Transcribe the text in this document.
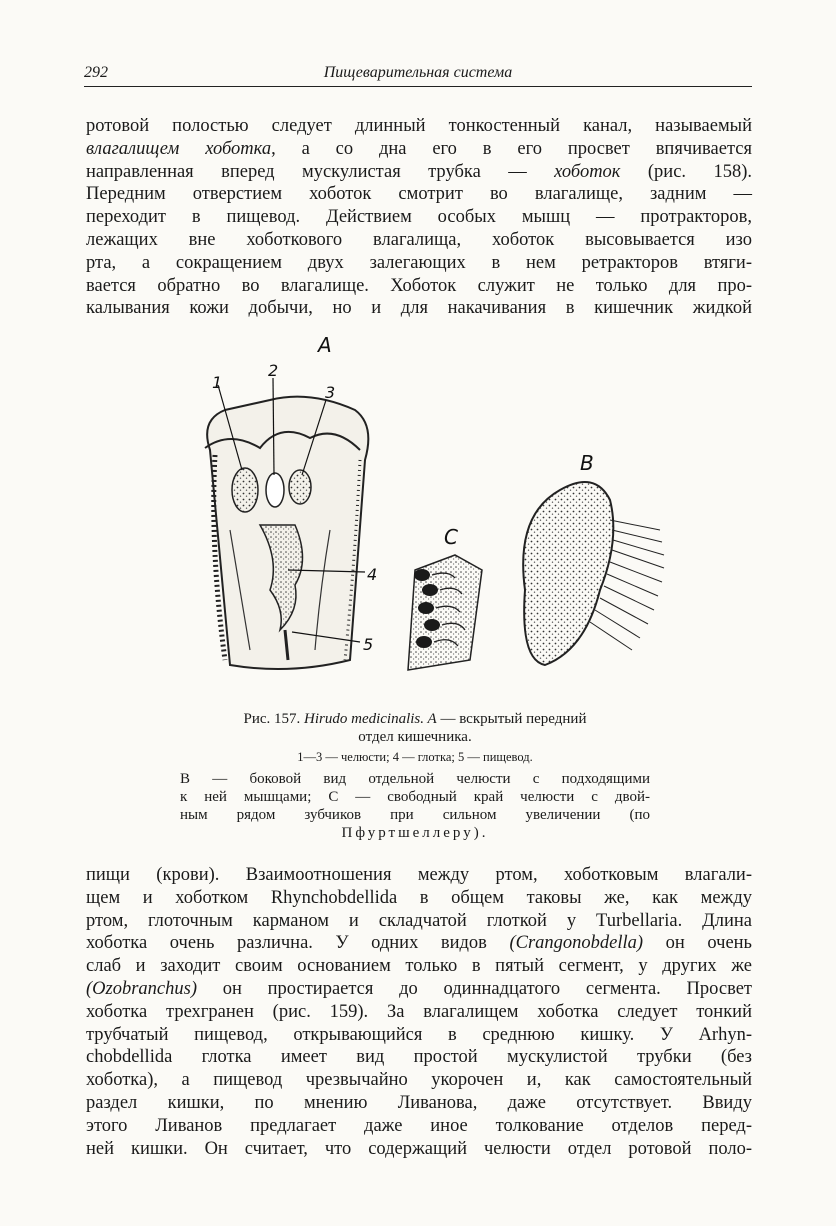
292	Пищеварительная система
ротовой полостью следует длинный тонкостенный канал, называемый
влагалищем хоботка, а со дна его в его просвет впячивается
направленная вперед мускулистая трубка — хоботок (рис. 158).
Передним отверстием хоботок смотрит во влагалище, задним —
переходит в пищевод. Действием особых мышц — протракторов,
лежащих вне хоботкового влагалища, хоботок высовывается изо
рта, а сокращением двух залегающих в нем ретракторов втяги-
вается обратно во влагалище. Хоботок служит не только для про-
калывания кожи добычи, но и для накачивания в кишечник жидкой
A
1
2
3
4
5
C
B

Рис. 157. Hirudo medicinalis. A — вскрытый передний
отдел кишечника.

1—3 — челюсти; 4 — глотка; 5 — пищевод.

B — боковой вид отдельной челюсти с подходящими
к ней мышцами; C — свободный край челюсти с двой-
ным рядом зубчиков при сильном увеличении (по
Пфуртшеллеру).

пищи (крови). Взаимоотношения между ртом, хоботковым влагали-
щем и хоботком Rhynchobdellida в общем таковы же, как между
ртом, глоточным карманом и складчатой глоткой у Turbellaria. Длина
хоботка очень различна. У одних видов (Crangonobdella) он очень
слаб и заходит своим основанием только в пятый сегмент, у других же
(Ozobranchus) он простирается до одиннадцатого сегмента. Просвет
хоботка трехгранен (рис. 159). За влагалищем хоботка следует тонкий
трубчатый пищевод, открывающийся в среднюю кишку. У Arhyn-
chobdellida глотка имеет вид простой мускулистой трубки (без
хоботка), а пищевод чрезвычайно укорочен и, как самостоятельный
раздел кишки, по мнению Ливанова, даже отсутствует. Ввиду
этого Ливанов предлагает даже иное толкование отделов перед-
ней кишки. Он считает, что содержащий челюсти отдел ротовой поло-
